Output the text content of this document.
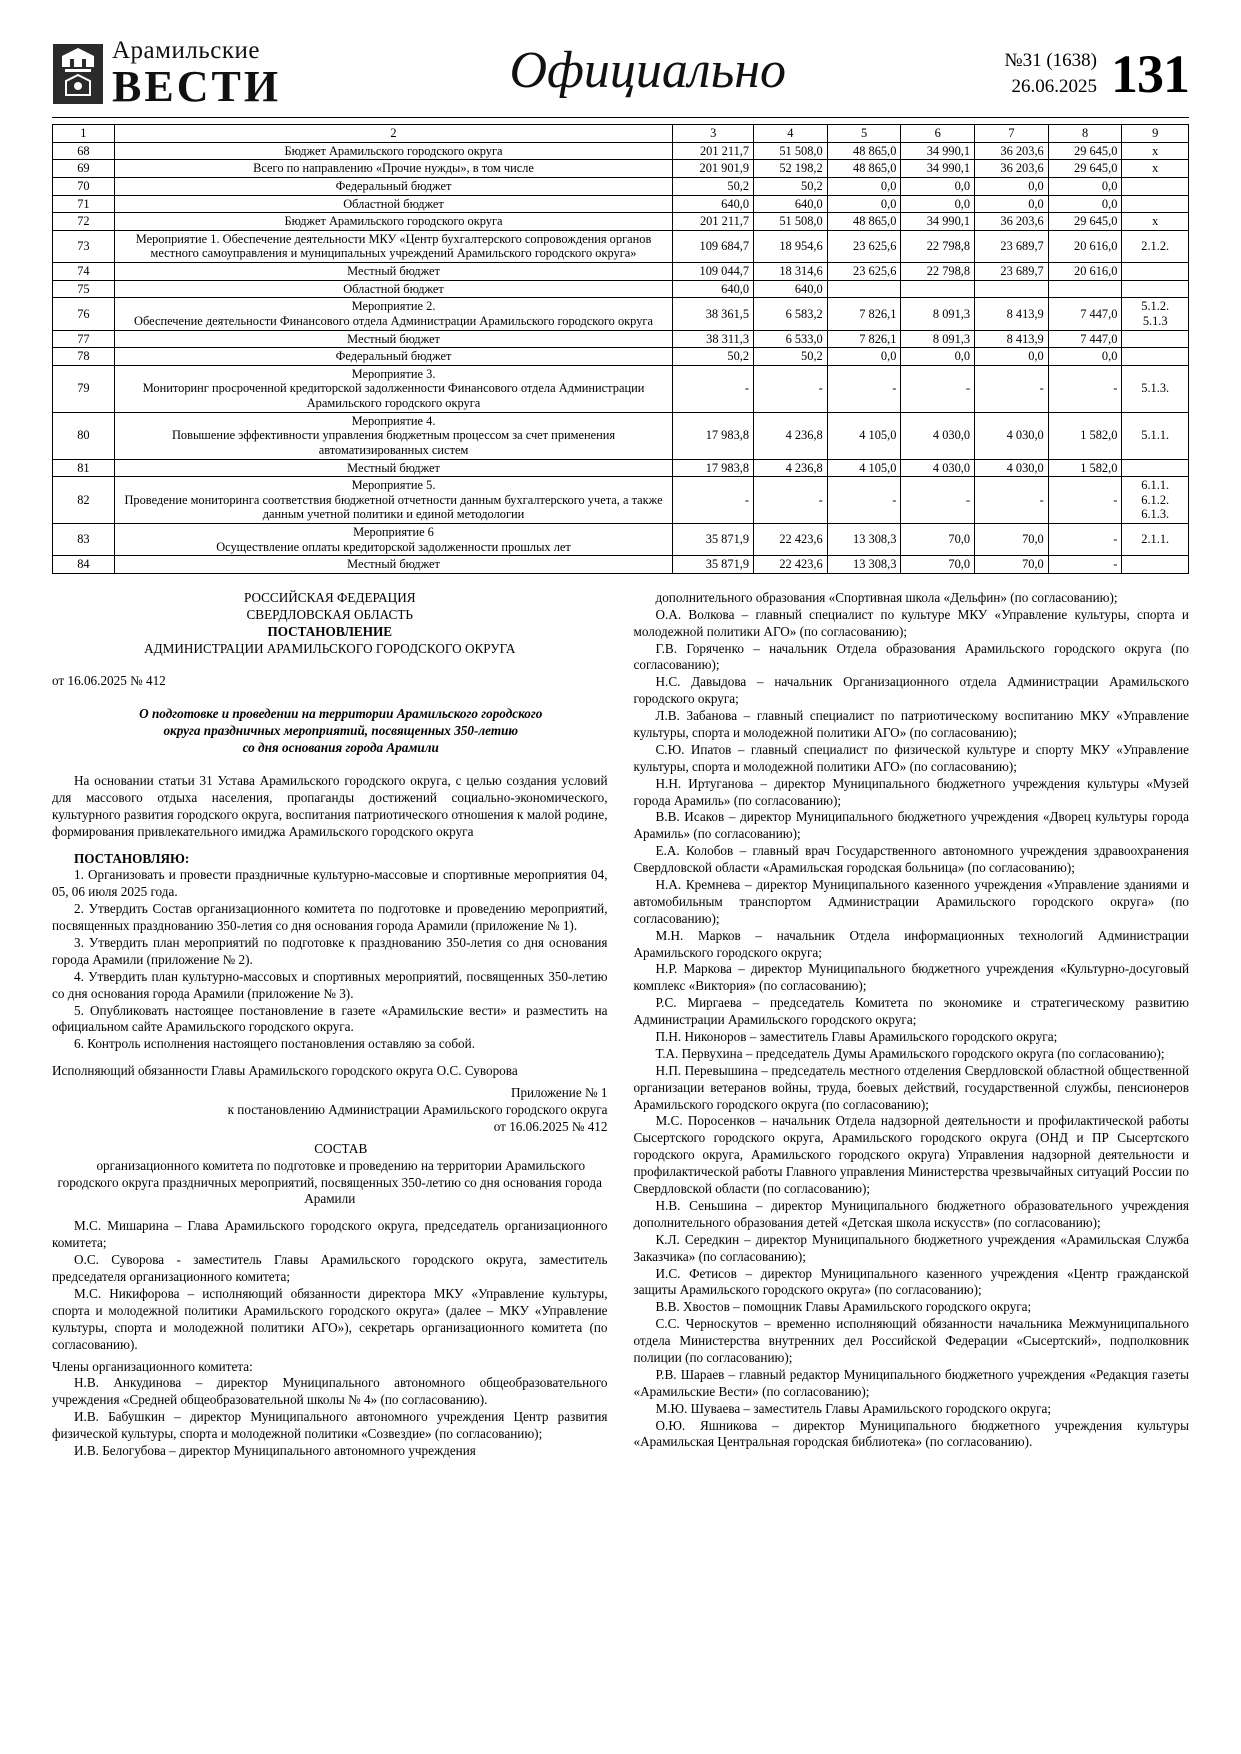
Арамильские
ВЕСТИ	Официально	№31 (1638)
26.06.2025 131
1	2	3	4	5	6	7	8	9
68	Бюджет Арамильского городского округа	201 211,7	51 508,0	48 865,0	34 990,1	36 203,6	29 645,0	х
69	Всего по направлению «Прочие нужды», в том числе	201 901,9	52 198,2	48 865,0	34 990,1	36 203,6	29 645,0	х
70	Федеральный бюджет	50,2	50,2	0,0	0,0	0,0	0,0	
71	Областной бюджет	640,0	640,0	0,0	0,0	0,0	0,0	
72	Бюджет Арамильского городского округа	201 211,7	51 508,0	48 865,0	34 990,1	36 203,6	29 645,0	х
73	Мероприятие 1. Обеспечение деятельности МКУ «Центр бухгалтерского сопровождения органов местного самоуправления и муниципальных учреждений Арамильского городского округа»	109 684,7	18 954,6	23 625,6	22 798,8	23 689,7	20 616,0	2.1.2.
74	Местный бюджет	109 044,7	18 314,6	23 625,6	22 798,8	23 689,7	20 616,0	
75	Областной бюджет	640,0	640,0					
76	Мероприятие 2.
Обеспечение деятельности Финансового отдела Администрации Арамильского городского округа	38 361,5	6 583,2	7 826,1	8 091,3	8 413,9	7 447,0	5.1.2.
5.1.3
77	Местный бюджет	38 311,3	6 533,0	7 826,1	8 091,3	8 413,9	7 447,0	
78	Федеральный бюджет	50,2	50,2	0,0	0,0	0,0	0,0	
79	Мероприятие 3.
Мониторинг просроченной кредиторской задолженности Финансового отдела Администрации Арамильского городского округа	-	-	-	-	-	-	5.1.3.
80	Мероприятие 4.
Повышение эффективности управления бюджетным процессом за счет применения автоматизированных систем	17 983,8	4 236,8	4 105,0	4 030,0	4 030,0	1 582,0	5.1.1.
81	Местный бюджет	17 983,8	4 236,8	4 105,0	4 030,0	4 030,0	1 582,0	
82	Мероприятие 5.
Проведение мониторинга соответствия бюджетной отчетности данным бухгалтерского учета, а также данным учетной политики и единой методологии	-	-	-	-	-	-	6.1.1.
6.1.2.
6.1.3.
83	Мероприятие 6
Осуществление оплаты кредиторской задолженности прошлых лет	35 871,9	22 423,6	13 308,3	70,0	70,0	-	2.1.1.
84	Местный бюджет	35 871,9	22 423,6	13 308,3	70,0	70,0	-	

РОССИЙСКАЯ ФЕДЕРАЦИЯ

СВЕРДЛОВСКАЯ ОБЛАСТЬ

ПОСТАНОВЛЕНИЕ

АДМИНИСТРАЦИИ АРАМИЛЬСКОГО ГОРОДСКОГО ОКРУГА

от 16.06.2025 № 412

О подготовке и проведении на территории Арамильского городского

округа праздничных мероприятий, посвященных 350-летию

со дня основания города Арамили

На основании статьи 31 Устава Арамильского городского округа, с целью создания условий для массового отдыха населения, пропаганды достижений социально-экономического, культурного развития городского округа, воспитания патриотического отношения к малой родине, формирования привлекательного имиджа Арамильского городского округа

ПОСТАНОВЛЯЮ:

1. Организовать и провести праздничные культурно-массовые и спортивные мероприятия 04, 05, 06 июля 2025 года.

2. Утвердить Состав организационного комитета по подготовке и проведению мероприятий, посвященных празднованию 350-летия со дня основания города Арамили (приложение № 1).

3. Утвердить план мероприятий по подготовке к празднованию 350-летия со дня основания города Арамили (приложение № 2).

4. Утвердить план культурно-массовых и спортивных мероприятий, посвященных 350-летию со дня основания города Арамили (приложение № 3).

5. Опубликовать настоящее постановление в газете «Арамильские вести» и разместить на официальном сайте Арамильского городского округа.

6. Контроль исполнения настоящего постановления оставляю за собой.

Исполняющий обязанности Главы Арамильского городского округа О.С. Суворова

Приложение № 1

к постановлению Администрации Арамильского городского округа

от 16.06.2025 № 412

СОСТАВ

организационного комитета по подготовке и проведению на территории Арамильского городского округа праздничных мероприятий, посвященных 350-летию со дня основания города Арамили

М.С. Мишарина – Глава Арамильского городского округа, председатель организационного комитета;

О.С. Суворова - заместитель Главы Арамильского городского округа, заместитель председателя организационного комитета;

М.С. Никифорова – исполняющий обязанности директора МКУ «Управление культуры, спорта и молодежной политики Арамильского городского округа» (далее – МКУ «Управление культуры, спорта и молодежной политики АГО»), секретарь организационного комитета (по согласованию).

Члены организационного комитета:

Н.В. Анкудинова – директор Муниципального автономного общеобразовательного учреждения «Средней общеобразовательной школы № 4» (по согласованию).

И.В. Бабушкин – директор Муниципального автономного учреждения Центр развития физической культуры, спорта и молодежной политики «Созвездие» (по согласованию);

И.В. Белогубова – директор Муниципального автономного учреждения

дополнительного образования «Спортивная школа «Дельфин» (по согласованию);

О.А. Волкова – главный специалист по культуре МКУ «Управление культуры, спорта и молодежной политики АГО» (по согласованию);

Г.В. Горяченко – начальник Отдела образования Арамильского городского округа (по согласованию);

Н.С. Давыдова – начальник Организационного отдела Администрации Арамильского городского округа;

Л.В. Забанова – главный специалист по патриотическому воспитанию МКУ «Управление культуры, спорта и молодежной политики АГО» (по согласованию);

С.Ю. Ипатов – главный специалист по физической культуре и спорту МКУ «Управление культуры, спорта и молодежной политики АГО» (по согласованию);

Н.Н. Иртуганова – директор Муниципального бюджетного учреждения культуры «Музей города Арамиль» (по согласованию);

В.В. Исаков – директор Муниципального бюджетного учреждения «Дворец культуры города Арамиль» (по согласованию);

Е.А. Колобов – главный врач Государственного автономного учреждения здравоохранения Свердловской области «Арамильская городская больница» (по согласованию);

Н.А. Кремнева – директор Муниципального казенного учреждения «Управление зданиями и автомобильным транспортом Администрации Арамильского городского округа» (по согласованию);

М.Н. Марков – начальник Отдела информационных технологий Администрации Арамильского городского округа;

Н.Р. Маркова – директор Муниципального бюджетного учреждения «Культурно-досуговый комплекс «Виктория» (по согласованию);

Р.С. Миргаева – председатель Комитета по экономике и стратегическому развитию Администрации Арамильского городского округа;

П.Н. Никоноров – заместитель Главы Арамильского городского округа;

Т.А. Первухина – председатель Думы Арамильского городского округа (по согласованию);

Н.П. Перевышина – председатель местного отделения Свердловской областной общественной организации ветеранов войны, труда, боевых действий, государственной службы, пенсионеров Арамильского городского округа (по согласованию);

М.С. Поросенков – начальник Отдела надзорной деятельности и профилактической работы Сысертского городского округа, Арамильского городского округа (ОНД и ПР Сысертского городского округа, Арамильского городского округа) Управления надзорной деятельности и профилактической работы Главного управления Министерства чрезвычайных ситуаций России по Свердловской области (по согласованию);

Н.В. Сеньшина – директор Муниципального бюджетного образовательного учреждения дополнительного образования детей «Детская школа искусств» (по согласованию);

К.Л. Середкин – директор Муниципального бюджетного учреждения «Арамильская Служба Заказчика» (по согласованию);

И.С. Фетисов – директор Муниципального казенного учреждения «Центр гражданской защиты Арамильского городского округа» (по согласованию);

В.В. Хвостов – помощник Главы Арамильского городского округа;

С.С. Черноскутов – временно исполняющий обязанности начальника Межмуниципального отдела Министерства внутренних дел Российской Федерации «Сысертский», подполковник полиции (по согласованию);

Р.В. Шараев – главный редактор Муниципального бюджетного учреждения «Редакция газеты «Арамильские Вести» (по согласованию);

М.Ю. Шуваева – заместитель Главы Арамильского городского округа;

О.Ю. Яшникова – директор Муниципального бюджетного учреждения культуры «Арамильская Центральная городская библиотека» (по согласованию).
